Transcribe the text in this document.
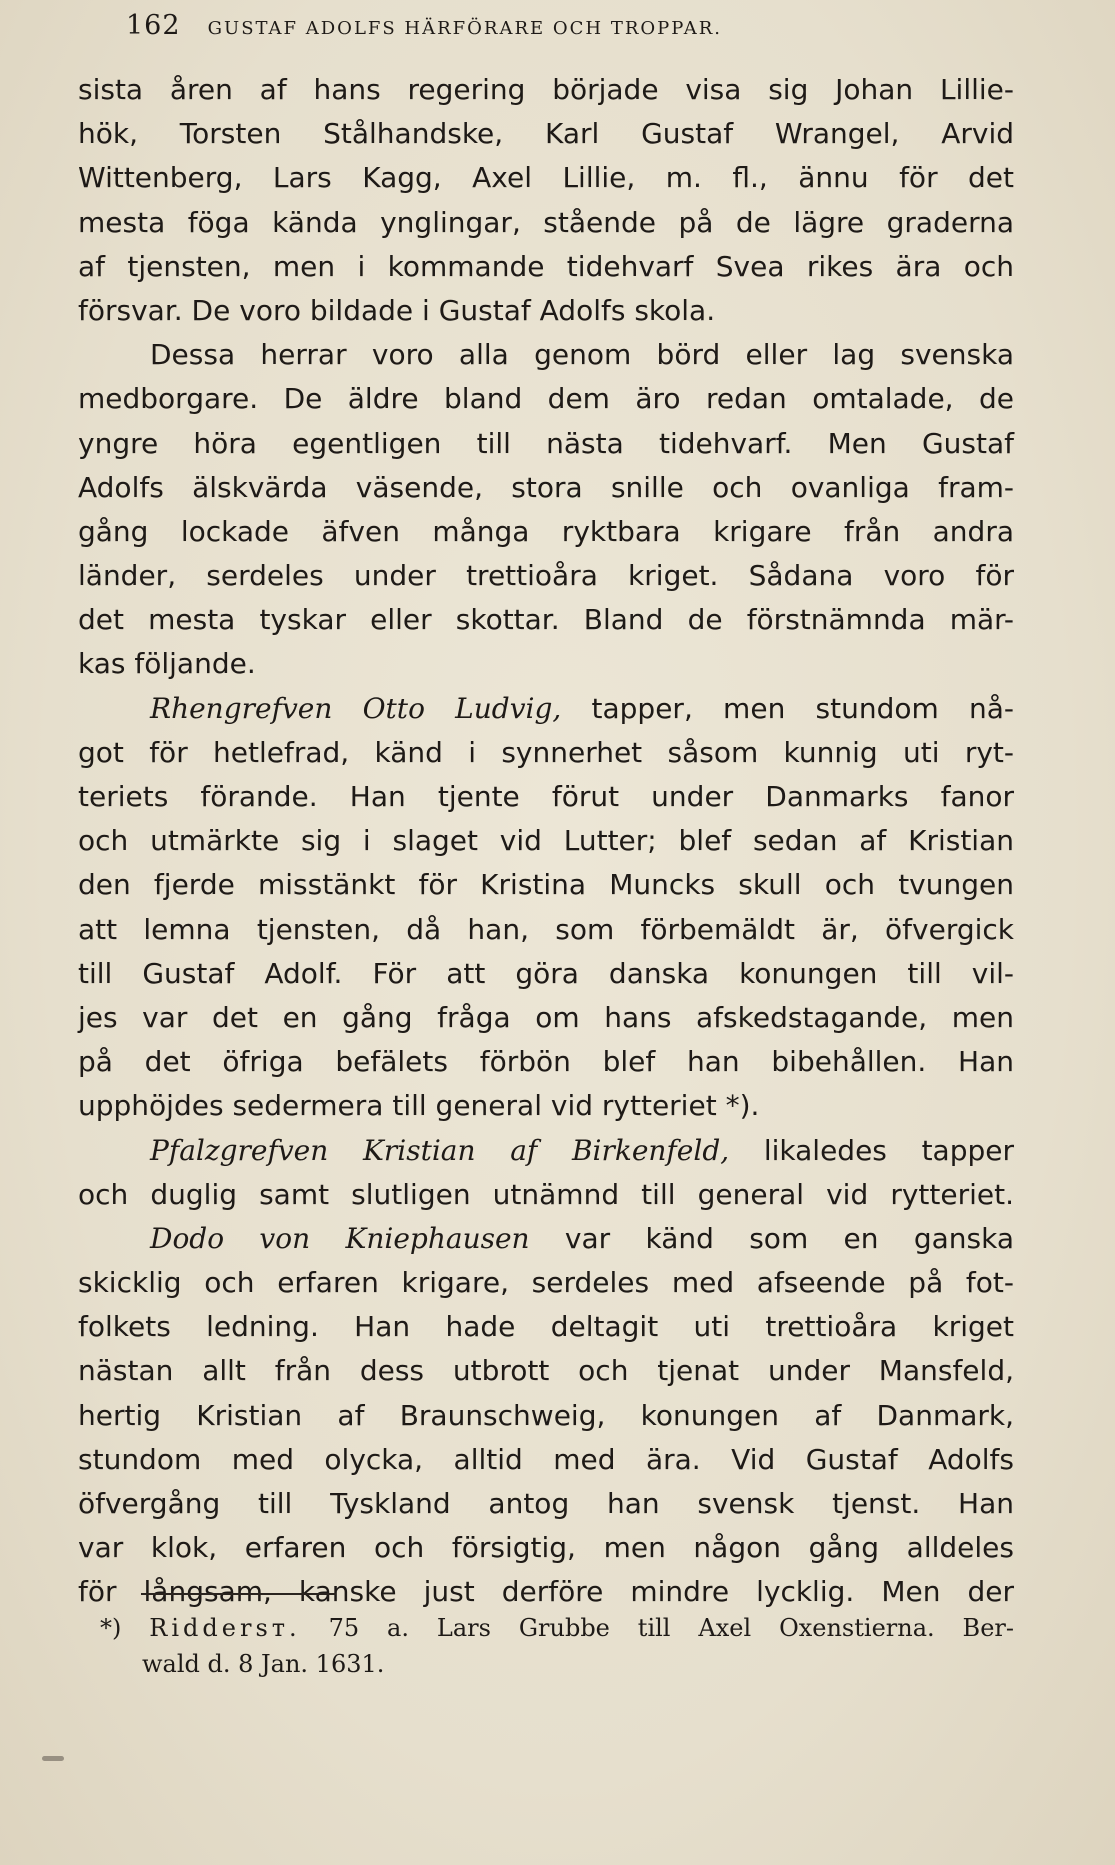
162 GUSTAF ADOLFS HÄRFÖRARE OCH TROPPAR.
sista åren af hans regering började visa sig Johan Lillie-
hök, Torsten Stålhandske, Karl Gustaf Wrangel, Arvid
Wittenberg, Lars Kagg, Axel Lillie, m. fl., ännu för det
mesta föga kända ynglingar, stående på de lägre graderna
af tjensten, men i kommande tidehvarf Svea rikes ära och
försvar. De voro bildade i Gustaf Adolfs skola.
Dessa herrar voro alla genom börd eller lag svenska
medborgare. De äldre bland dem äro redan omtalade, de
yngre höra egentligen till nästa tidehvarf. Men Gustaf
Adolfs älskvärda väsende, stora snille och ovanliga fram-
gång lockade äfven många ryktbara krigare från andra
länder, serdeles under trettioåra kriget. Sådana voro för
det mesta tyskar eller skottar. Bland de förstnämnda mär-
kas följande.
Rhengrefven Otto Ludvig, tapper, men stundom nå-
got för hetlefrad, känd i synnerhet såsom kunnig uti ryt-
teriets förande. Han tjente förut under Danmarks fanor
och utmärkte sig i slaget vid Lutter; blef sedan af Kristian
den fjerde misstänkt för Kristina Muncks skull och tvungen
att lemna tjensten, då han, som förbemäldt är, öfvergick
till Gustaf Adolf. För att göra danska konungen till vil-
jes var det en gång fråga om hans afskedstagande, men
på det öfriga befälets förbön blef han bibehållen. Han
upphöjdes sedermera till general vid rytteriet *).
Pfalzgrefven Kristian af Birkenfeld, likaledes tapper
och duglig samt slutligen utnämnd till general vid rytteriet.
Dodo von Kniephausen var känd som en ganska
skicklig och erfaren krigare, serdeles med afseende på fot-
folkets ledning. Han hade deltagit uti trettioåra kriget
nästan allt från dess utbrott och tjenat under Mansfeld,
hertig Kristian af Braunschweig, konungen af Danmark,
stundom med olycka, alltid med ära. Vid Gustaf Adolfs
öfvergång till Tyskland antog han svensk tjenst. Han
var klok, erfaren och försigtig, men någon gång alldeles
för långsam, kanske just derföre mindre lycklig. Men der
*) Riddersт. 75 a. Lars Grubbe till Axel Oxenstierna. Ber-
wald d. 8 Jan. 1631.
